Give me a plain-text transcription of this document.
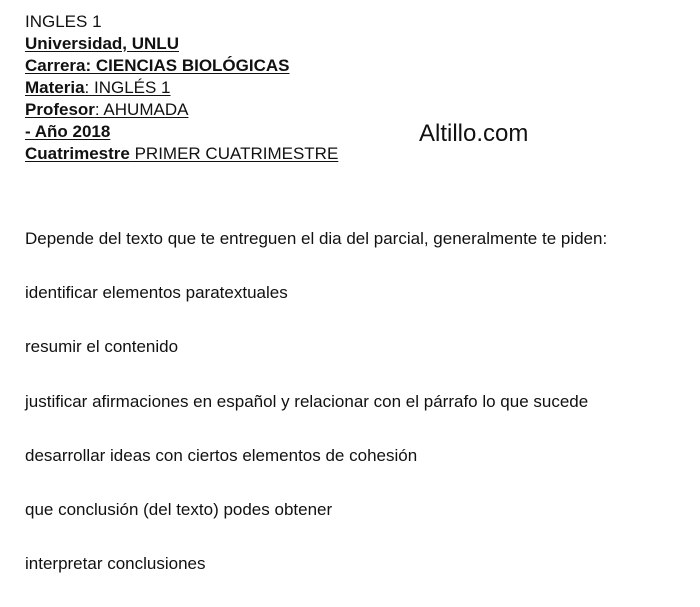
INGLES 1
Universidad, UNLU
Carrera: CIENCIAS BIOLÓGICAS
Materia: INGLÉS 1
Profesor: AHUMADA
- Año 2018
Cuatrimestre PRIMER CUATRIMESTRE
Altillo.com
Depende del texto que te entreguen el dia del parcial, generalmente te piden:
identificar elementos paratextuales
resumir el contenido
justificar afirmaciones en español y relacionar con el párrafo lo que sucede
desarrollar ideas con ciertos elementos de cohesión
que conclusión (del texto) podes obtener
interpretar conclusiones
